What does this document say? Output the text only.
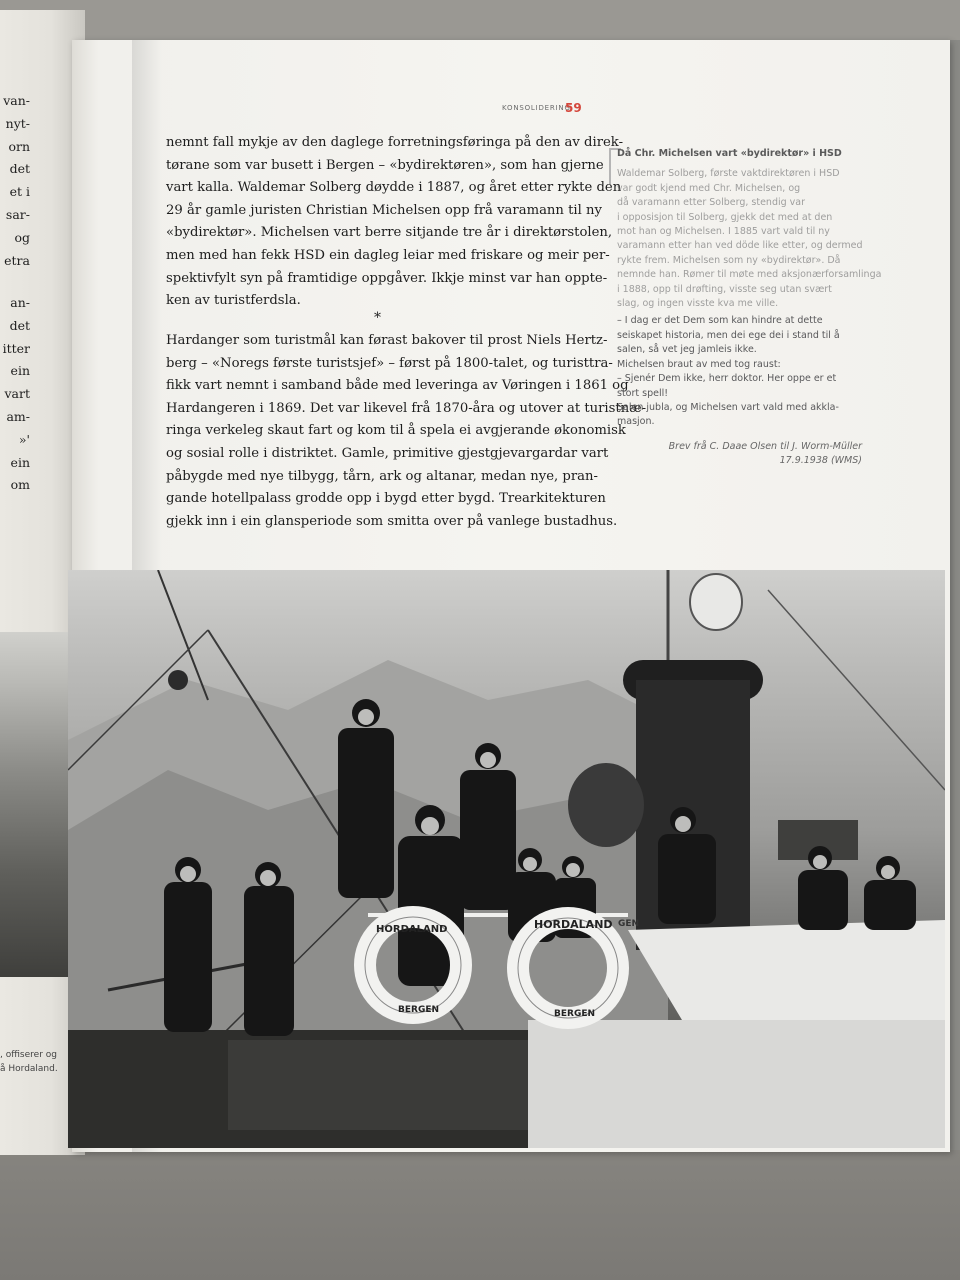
van-
nyt-
orn
det
et i
sar-
og
etra
an-
det
itter
ein
vart
am-
»'
ein
om
, offiserer og
å Hordaland.
KONSOLIDERING
59
nemnt fall mykje av den daglege forretningsføringa på den av direk-
tørane som var busett i Bergen – «bydirektøren», som han gjerne
vart kalla. Waldemar Solberg døydde i 1887, og året etter rykte den
29 år gamle juristen Christian Michelsen opp frå varamann til ny
«bydirektør». Michelsen vart berre sitjande tre år i direktørstolen,
men med han fekk HSD ein dagleg leiar med friskare og meir per-
spektivfylt syn på framtidige oppgåver. Ikkje minst var han oppte-
ken av turistferdsla.
*
Hardanger som turistmål kan førast bakover til prost Niels Hertz-
berg – «Noregs første turistsjef» – først på 1800-talet, og turisttra-
fikk vart nemnt i samband både med leveringa av Vøringen i 1861 og
Hardangeren i 1869. Det var likevel frå 1870-åra og utover at turistnæ-
ringa verkeleg skaut fart og kom til å spela ei avgjerande økonomisk
og sosial rolle i distriktet. Gamle, primitive gjestgjevargardar vart
påbygde med nye tilbygg, tårn, ark og altanar, medan nye, pran-
gande hotellpalass grodde opp i bygd etter bygd. Trearkitekturen
gjekk inn i ein glansperiode som smitta over på vanlege bustadhus.
Då Chr. Michelsen vart «bydirektør» i HSD
Waldemar Solberg, første vaktdirektøren i HSD
var godt kjend med Chr. Michelsen, og
då varamann etter Solberg, stendig var
i opposisjon til Solberg, gjekk det med at den
mot han og Michelsen. I 1885 vart vald til ny
varamann etter han ved döde like etter, og dermed
rykte frem. Michelsen som ny «bydirektør». Då
nemnde han. Rømer til møte med aksjonærforsamlinga
i 1888, opp til drøfting, visste seg utan svært
slag, og ingen visste kva me ville.
– I dag er det Dem som kan hindre at dette
seiskapet historia, men dei ege dei i stand til å
salen, så vet jeg jamleis ikke.
Michelsen braut av med tog raust:
– Sjenér Dem ikke, herr doktor. Her oppe er et
stort spell!
Salen jubla, og Michelsen vart vald med akkla-
masjon.
Brev frå C. Daae Olsen til J. Worm-Müller
17.9.1938 (WMS)
HORDALAND
BERGEN
HORDALAND
BERGEN
GEN
